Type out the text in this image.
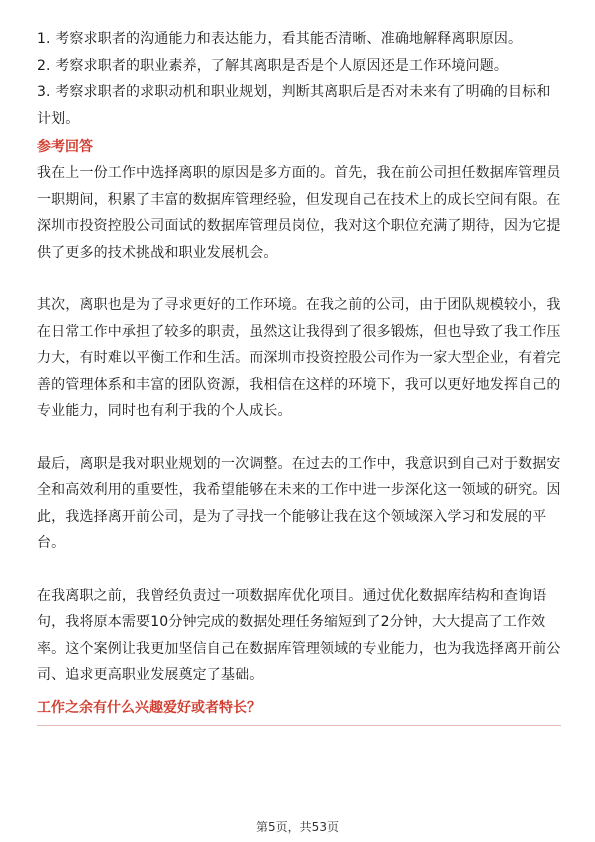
1. 考察求职者的沟通能力和表达能力，看其能否清晰、准确地解释离职原因。

2. 考察求职者的职业素养，了解其离职是否是个人原因还是工作环境问题。

3. 考察求职者的求职动机和职业规划，判断其离职后是否对未来有了明确的目标和计划。

参考回答

我在上一份工作中选择离职的原因是多方面的。首先，我在前公司担任数据库管理员一职期间，积累了丰富的数据库管理经验，但发现自己在技术上的成长空间有限。在深圳市投资控股公司面试的数据库管理员岗位，我对这个职位充满了期待，因为它提供了更多的技术挑战和职业发展机会。

其次，离职也是为了寻求更好的工作环境。在我之前的公司，由于团队规模较小，我在日常工作中承担了较多的职责，虽然这让我得到了很多锻炼，但也导致了我工作压力大，有时难以平衡工作和生活。而深圳市投资控股公司作为一家大型企业，有着完善的管理体系和丰富的团队资源，我相信在这样的环境下，我可以更好地发挥自己的专业能力，同时也有利于我的个人成长。

最后，离职是我对职业规划的一次调整。在过去的工作中，我意识到自己对于数据安全和高效利用的重要性，我希望能够在未来的工作中进一步深化这一领域的研究。因此，我选择离开前公司，是为了寻找一个能够让我在这个领域深入学习和发展的平台。

在我离职之前，我曾经负责过一项数据库优化项目。通过优化数据库结构和查询语句，我将原本需要10分钟完成的数据处理任务缩短到了2分钟，大大提高了工作效率。这个案例让我更加坚信自己在数据库管理领域的专业能力，也为我选择离开前公司、追求更高职业发展奠定了基础。

工作之余有什么兴趣爱好或者特长？

第5页，共53页
